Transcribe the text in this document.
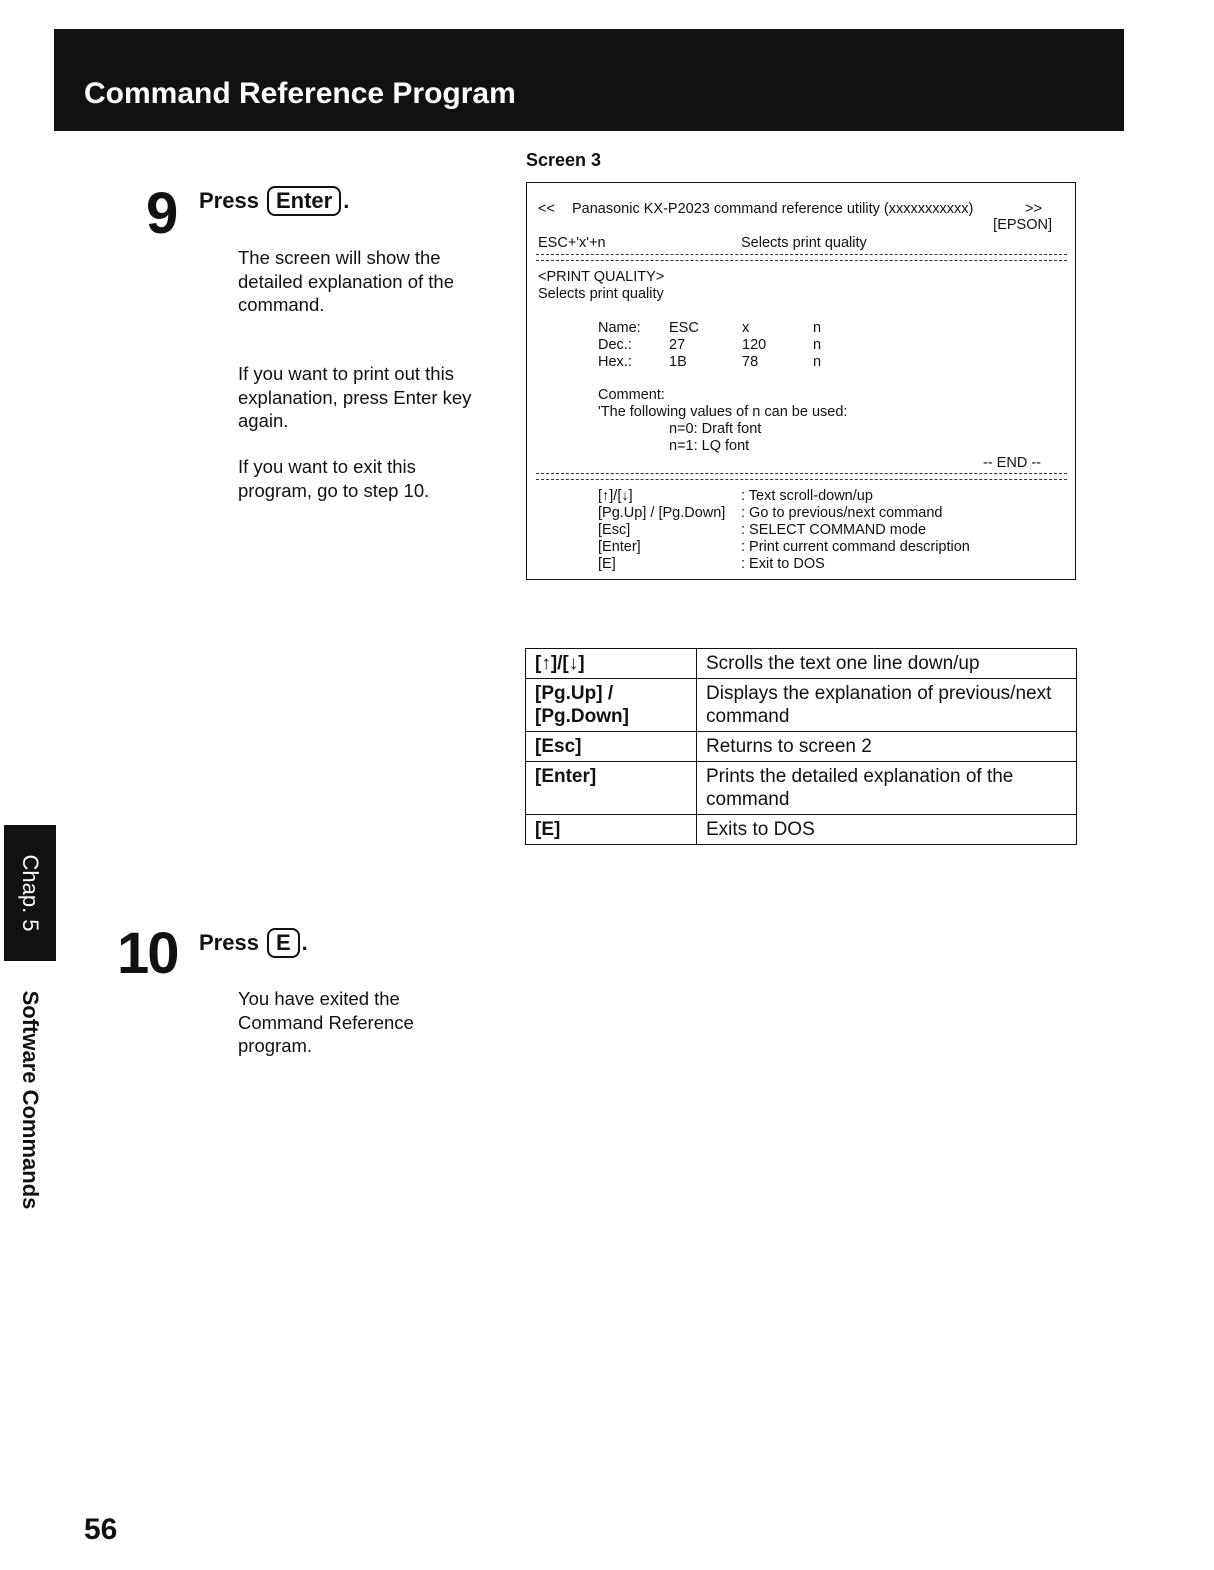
Command Reference Program
9 Press Enter .
The screen will show the detailed explanation of the command.
If you want to print out this explanation, press Enter key again.
If you want to exit this program, go to step 10.
Screen 3
<< Panasonic KX-P2023 command reference utility (xxxxxxxxxxx)	>>
[EPSON]
ESC+'x'+n	Selects print quality
<PRINT QUALITY>
Selects print quality
Name: ESC	x	n
Dec.:	27	120	n
Hex.:	1B	78	n
Comment:
'The following values of n can be used:
n=0: Draft font
n=1: LQ font
-- END --
[↑]/[↓]	: Text scroll-down/up
[Pg.Up] / [Pg.Down] : Go to previous/next command
[Esc]	: SELECT COMMAND mode
[Enter]	: Print current command description
[E]	: Exit to DOS
[↑]/[↓]	Scrolls the text one line down/up
[Pg.Up] / [Pg.Down]	Displays the explanation of previous/next command
[Esc]	Returns to screen 2
[Enter]	Prints the detailed explanation of the command
[E]	Exits to DOS
Chap. 5
Software Commands
10 Press E .
You have exited the Command Reference program.
56
